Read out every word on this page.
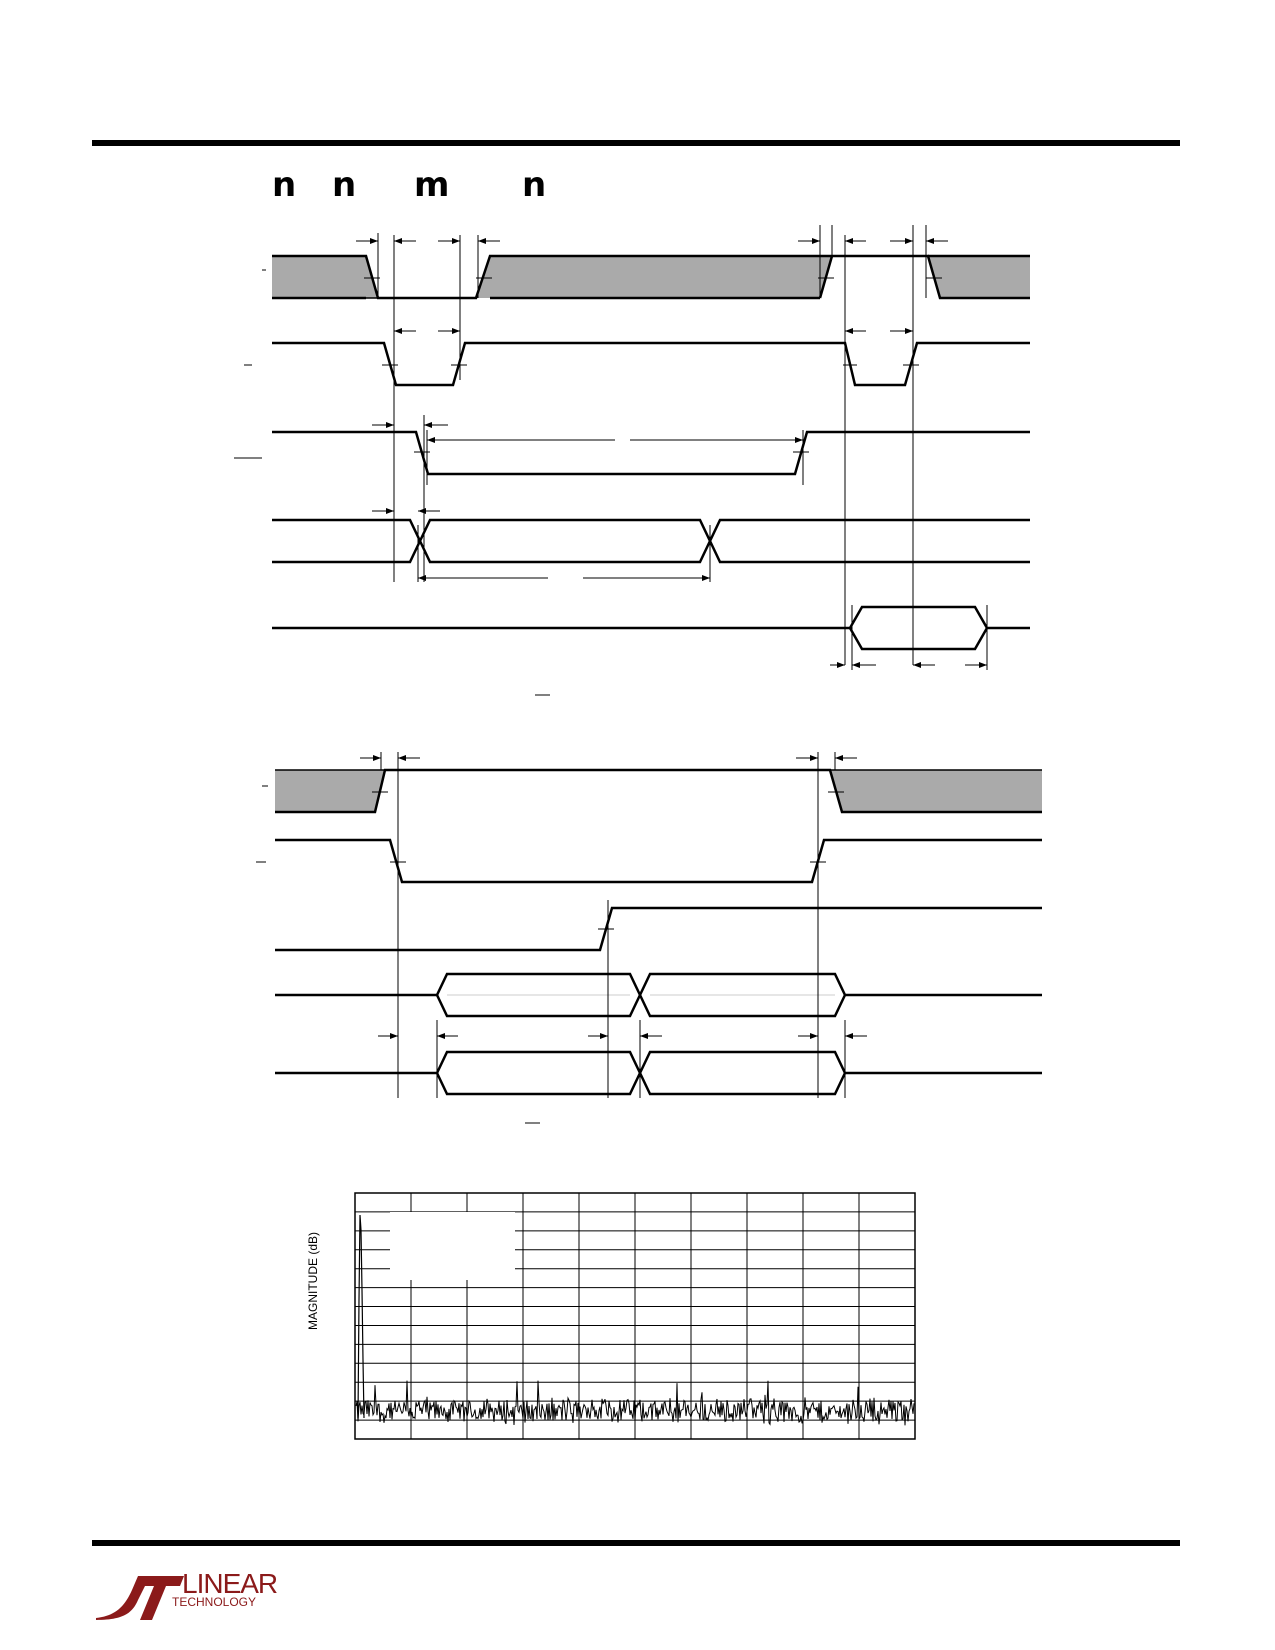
n n m n
MAGNITUDE (dB)
LINEAR
TECHNOLOGY
